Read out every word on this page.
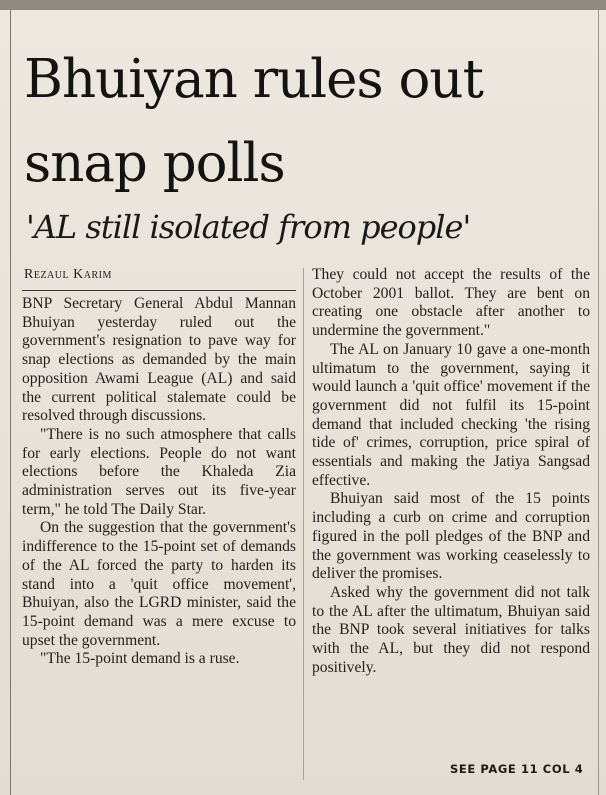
Bhuiyan rules out
snap polls
'AL still isolated from people'
Rezaul Karim

BNP Secretary General Abdul Mannan Bhuiyan yesterday ruled out the government's resignation to pave way for snap elections as demanded by the main opposition Awami League (AL) and said the current political stalemate could be resolved through discussions.

"There is no such atmosphere that calls for early elections. People do not want elections before the Khaleda Zia administration serves out its five-year term," he told The Daily Star.

On the suggestion that the government's indifference to the 15-point set of demands of the AL forced the party to harden its stand into a 'quit office movement', Bhuiyan, also the LGRD minister, said the 15-point demand was a mere excuse to upset the government.

"The 15-point demand is a ruse.

They could not accept the results of the October 2001 ballot. They are bent on creating one obstacle after another to undermine the government."

The AL on January 10 gave a one-month ultimatum to the government, saying it would launch a 'quit office' movement if the government did not fulfil its 15-point demand that included checking 'the rising tide of' crimes, corruption, price spiral of essentials and making the Jatiya Sangsad effective.

Bhuiyan said most of the 15 points including a curb on crime and corruption figured in the poll pledges of the BNP and the government was working ceaselessly to deliver the promises.

Asked why the government did not talk to the AL after the ultimatum, Bhuiyan said the BNP took several initiatives for talks with the AL, but they did not respond positively.

SEE PAGE 11 COL 4
